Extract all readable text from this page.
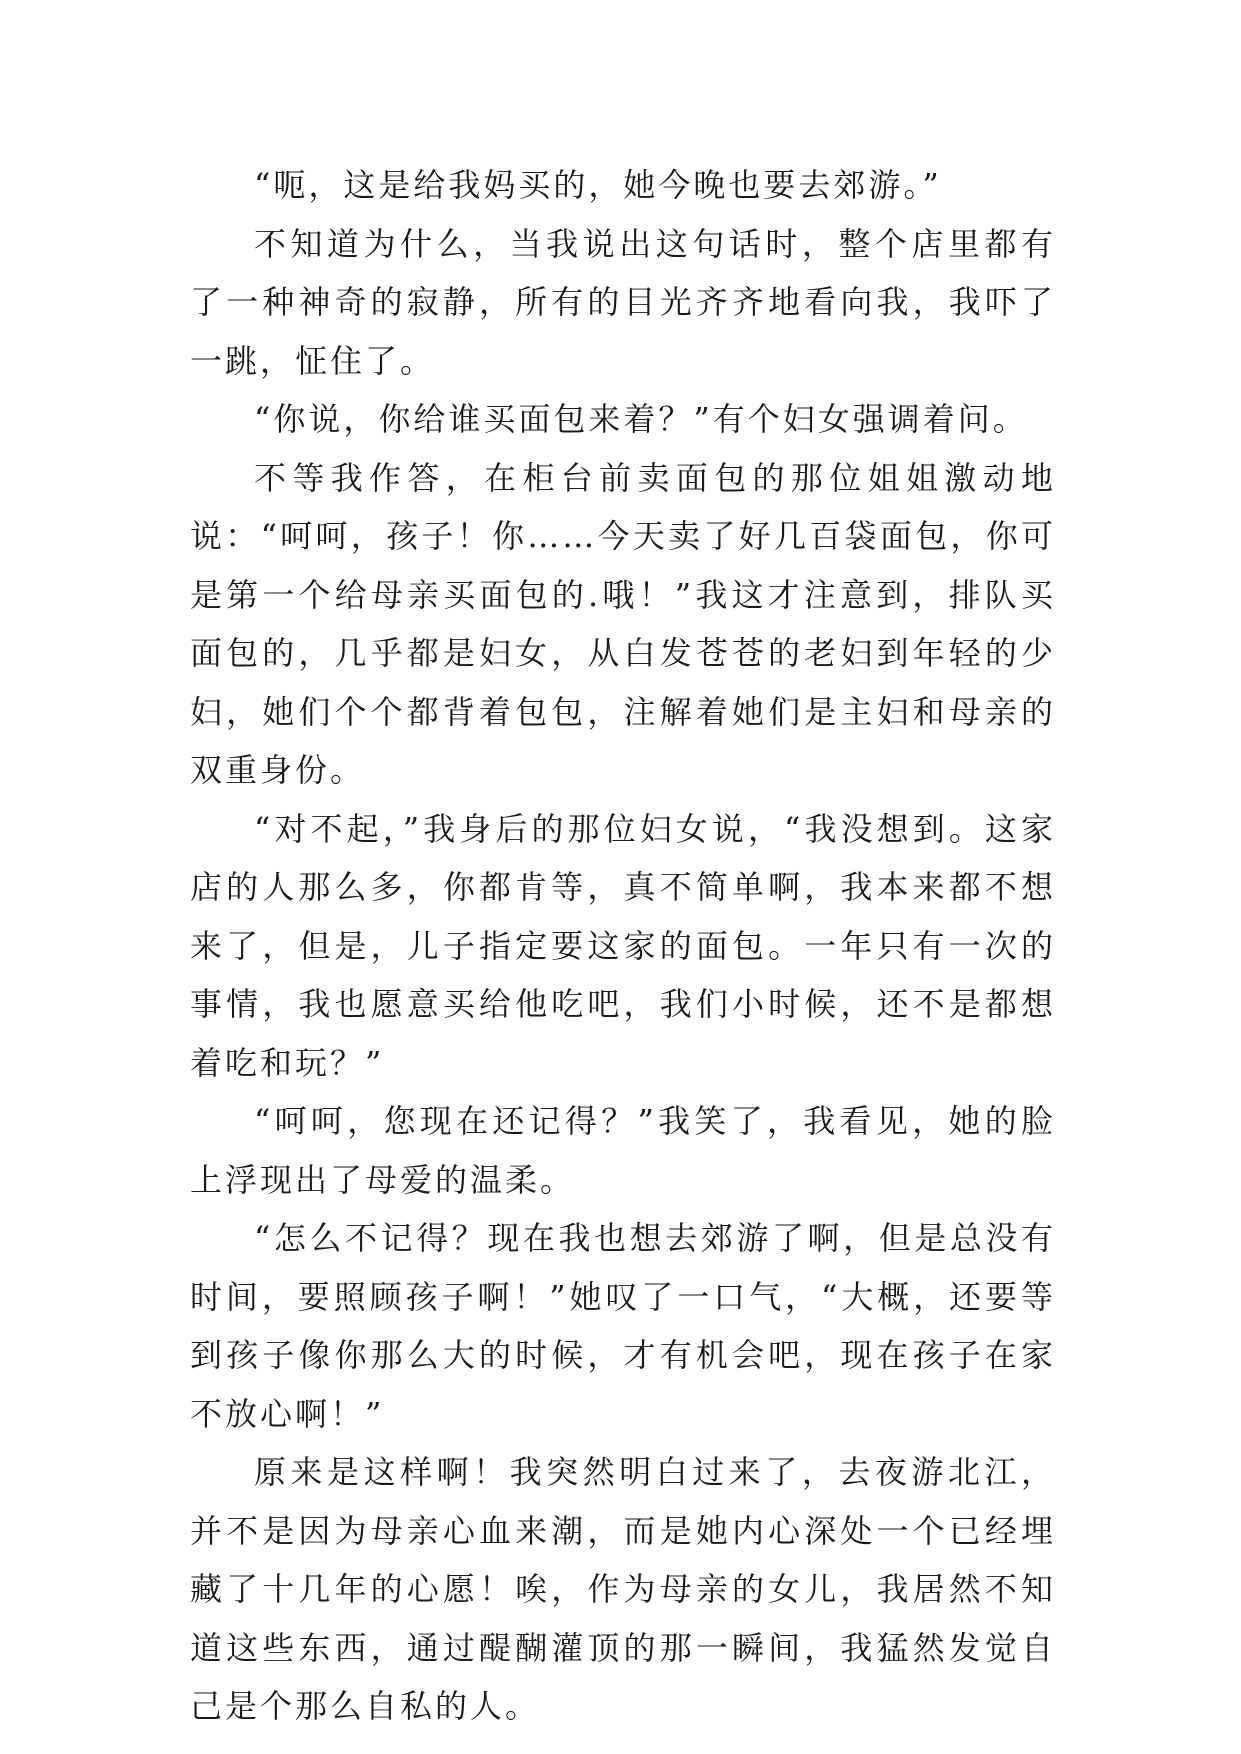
“呃，这是给我妈买的，她今晚也要去郊游。”

不知道为什么，当我说出这句话时，整个店里都有了一种神奇的寂静，所有的目光齐齐地看向我，我吓了一跳，怔住了。

“你说，你给谁买面包来着？”有个妇女强调着问。

不等我作答，在柜台前卖面包的那位姐姐激动地说：“呵呵，孩子！你……今天卖了好几百袋面包，你可是第一个给母亲买面包的.哦！”我这才注意到，排队买面包的，几乎都是妇女，从白发苍苍的老妇到年轻的少妇，她们个个都背着包包，注解着她们是主妇和母亲的双重身份。

“对不起，”我身后的那位妇女说，“我没想到。这家店的人那么多，你都肯等，真不简单啊，我本来都不想来了，但是，儿子指定要这家的面包。一年只有一次的事情，我也愿意买给他吃吧，我们小时候，还不是都想着吃和玩？”

“呵呵，您现在还记得？”我笑了，我看见，她的脸上浮现出了母爱的温柔。

“怎么不记得？现在我也想去郊游了啊，但是总没有时间，要照顾孩子啊！”她叹了一口气，“大概，还要等到孩子像你那么大的时候，才有机会吧，现在孩子在家不放心啊！”

原来是这样啊！我突然明白过来了，去夜游北江，并不是因为母亲心血来潮，而是她内心深处一个已经埋藏了十几年的心愿！唉，作为母亲的女儿，我居然不知道这些东西，通过醍醐灌顶的那一瞬间，我猛然发觉自己是个那么自私的人。
